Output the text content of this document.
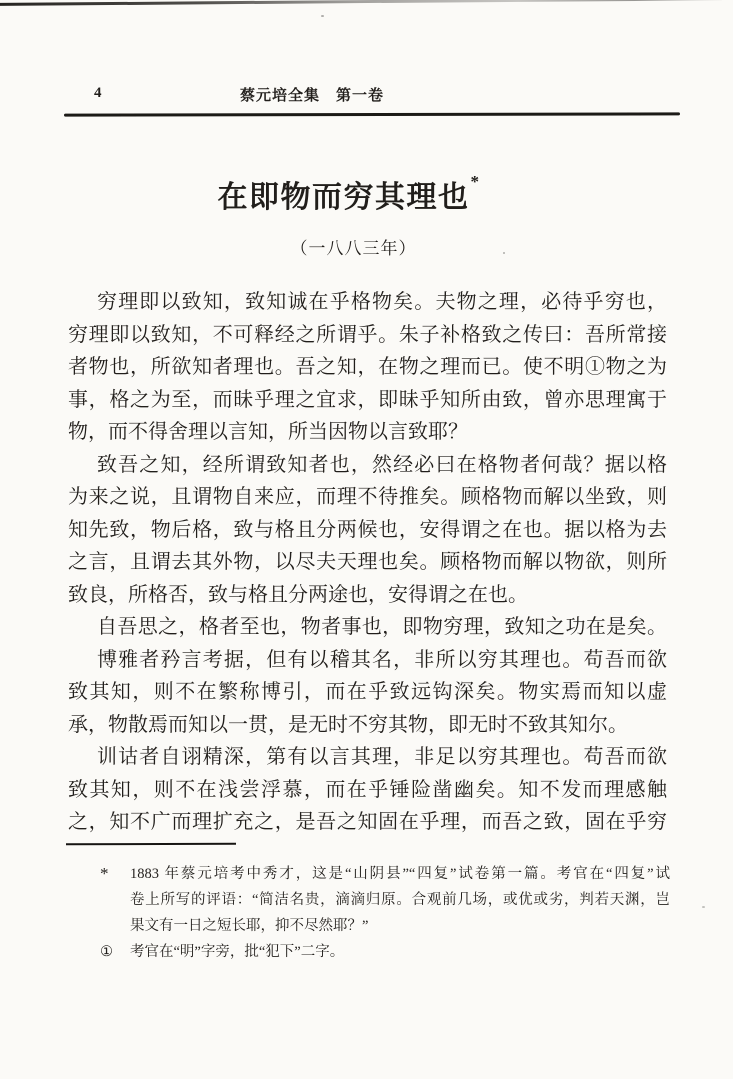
4	蔡元培全集　第一卷
在即物而穷其理也*
（一八八三年）
穷理即以致知，致知诚在乎格物矣。夫物之理，必待乎穷也，
穷理即以致知，不可释经之所谓乎。朱子补格致之传曰：吾所常接
者物也，所欲知者理也。吾之知，在物之理而已。使不明①物之为
事，格之为至，而昧乎理之宜求，即昧乎知所由致，曾亦思理寓于
物，而不得舍理以言知，所当因物以言致耶？
致吾之知，经所谓致知者也，然经必曰在格物者何哉？据以格
为来之说，且谓物自来应，而理不待推矣。顾格物而解以坐致，则
知先致，物后格，致与格且分两候也，安得谓之在也。据以格为去
之言，且谓去其外物，以尽夫天理也矣。顾格物而解以物欲，则所
致良，所格否，致与格且分两途也，安得谓之在也。
自吾思之，格者至也，物者事也，即物穷理，致知之功在是矣。
博雅者矜言考据，但有以稽其名，非所以穷其理也。苟吾而欲
致其知，则不在繁称博引，而在乎致远钩深矣。物实焉而知以虚
承，物散焉而知以一贯，是无时不穷其物，即无时不致其知尔。
训诂者自诩精深，第有以言其理，非足以穷其理也。苟吾而欲
致其知，则不在浅尝浮慕，而在乎锤险凿幽矣。知不发而理感触
之，知不广而理扩充之，是吾之知固在乎理，而吾之致，固在乎穷
*	1883 年蔡元培考中秀才，这是“山阴县”“四复”试卷第一篇。考官在“四复”试
卷上所写的评语：“简洁名贵，滴滴归原。合观前几场，或优或劣，判若天渊，岂
果文有一日之短长耶，抑不尽然耶？”
①	考官在“明”字旁，批“犯下”二字。
